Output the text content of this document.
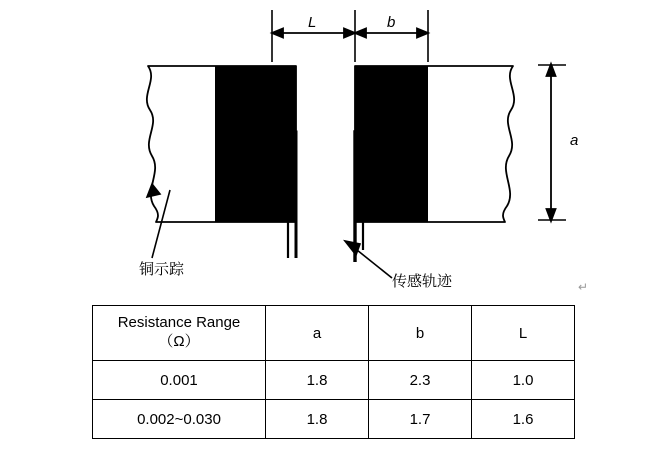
L	b
a
铜示踪
传感轨迹	↵
Resistance Range
（Ω）	a	b	L
0.001	1.8	2.3	1.0
0.002~0.030	1.8	1.7	1.6
